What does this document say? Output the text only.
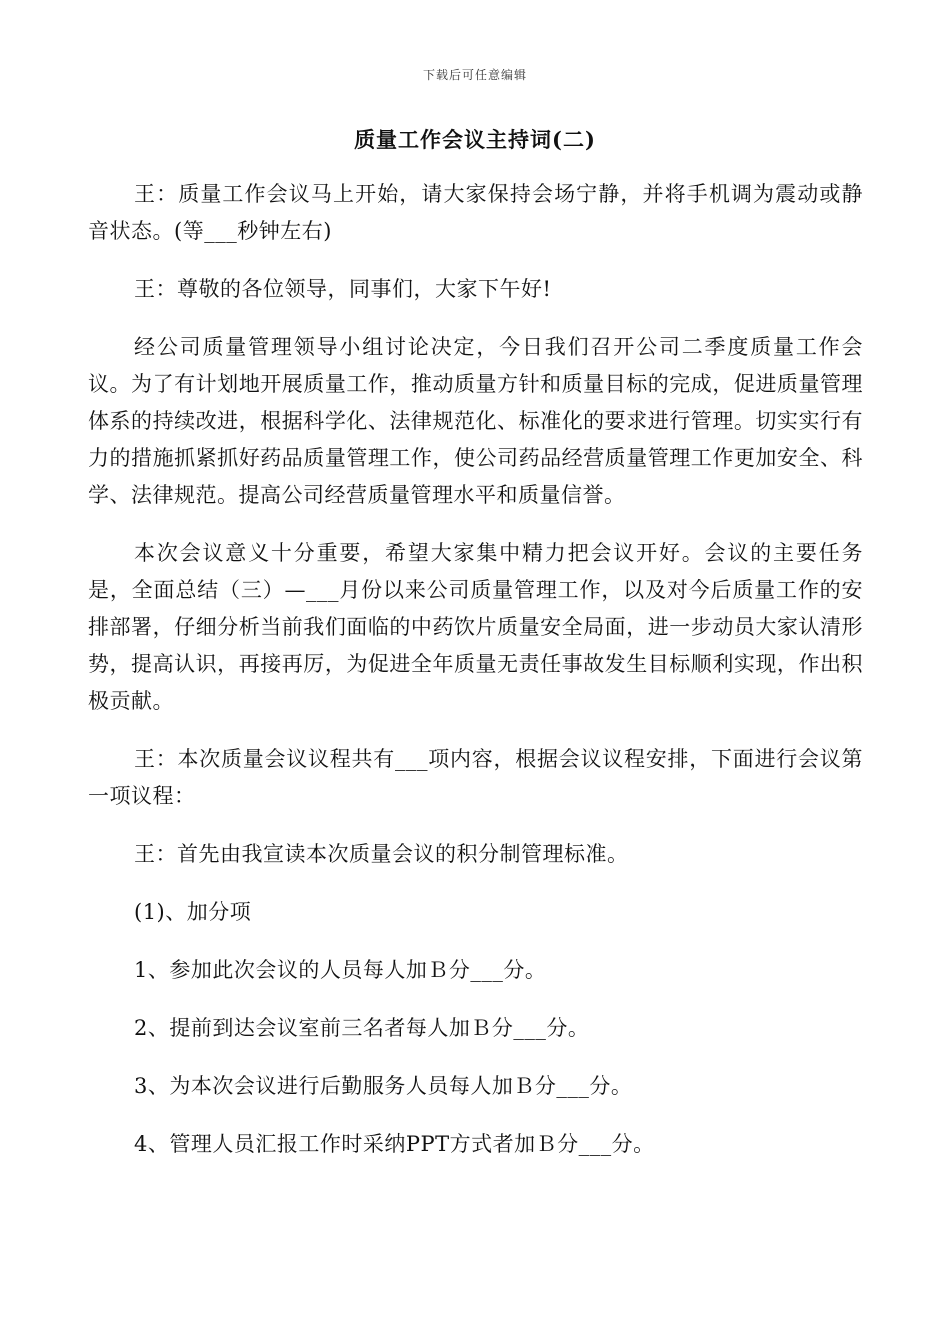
下载后可任意编辑
质量工作会议主持词(二)

王：质量工作会议马上开始，请大家保持会场宁静，并将手机调为震动或静音状态。(等___秒钟左右)

王：尊敬的各位领导，同事们，大家下午好!

经公司质量管理领导小组讨论决定，今日我们召开公司二季度质量工作会议。为了有计划地开展质量工作，推动质量方针和质量目标的完成，促进质量管理体系的持续改进，根据科学化、法律规范化、标准化的要求进行管理。切实实行有力的措施抓紧抓好药品质量管理工作，使公司药品经营质量管理工作更加安全、科学、法律规范。提高公司经营质量管理水平和质量信誉。

本次会议意义十分重要，希望大家集中精力把会议开好。会议的主要任务是，全面总结（三）—___月份以来公司质量管理工作，以及对今后质量工作的安排部署，仔细分析当前我们面临的中药饮片质量安全局面，进一步动员大家认清形势，提高认识，再接再厉，为促进全年质量无责任事故发生目标顺利实现，作出积极贡献。

王：本次质量会议议程共有___项内容，根据会议议程安排，下面进行会议第一项议程：

王：首先由我宣读本次质量会议的积分制管理标准。

(1)、加分项

1、参加此次会议的人员每人加Ｂ分___分。

2、提前到达会议室前三名者每人加Ｂ分___分。

3、为本次会议进行后勤服务人员每人加Ｂ分___分。

4、管理人员汇报工作时采纳PPT方式者加Ｂ分___分。
